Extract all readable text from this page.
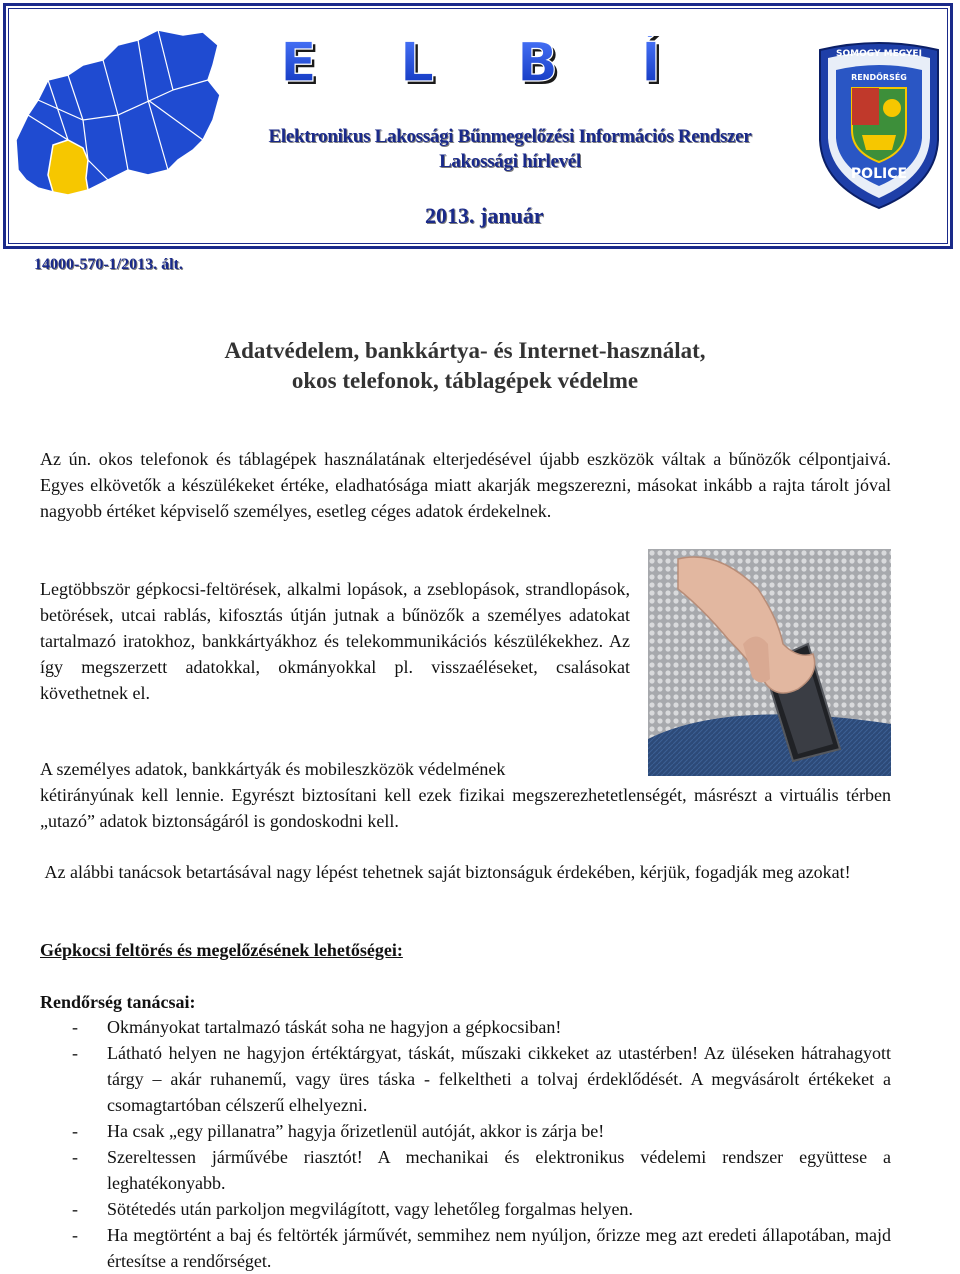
E L B Í
E L B Í
Elektronikus Lakossági Bűnmegelőzési Információs Rendszer
Lakossági hírlevél
2013. január
SOMOGY MEGYEI
RENDŐRSÉG
POLICE
14000-570-1/2013. ált.
Adatvédelem, bankkártya- és Internet-használat,
okos telefonok, táblagépek védelme
Az ún. okos telefonok és táblagépek használatának elterjedésével újabb eszközök váltak a bűnözők célpontjaivá. Egyes elkövetők a készülékeket értéke, eladhatósága miatt akarják megszerezni, másokat inkább a rajta tárolt jóval nagyobb értéket képviselő személyes, esetleg céges adatok érdekelnek.
Legtöbbször gépkocsi-feltörések, alkalmi lopások, a zseblopások, strandlopások, betörések, utcai rablás, kifosztás útján jutnak a bűnözők a személyes adatokat tartalmazó iratokhoz, bankkártyákhoz és telekommunikációs készülékekhez. Az így megszerzett adatokkal, okmányokkal pl. visszaéléseket, csalásokat követhetnek el.
A személyes adatok, bankkártyák és mobileszközök védelmének
kétirányúnak kell lennie. Egyrészt biztosítani kell ezek fizikai megszerezhetetlenségét, másrészt a virtuális térben „utazó” adatok biztonságáról is gondoskodni kell.
Az alábbi tanácsok betartásával nagy lépést tehetnek saját biztonságuk érdekében, kérjük, fogadják meg azokat!
Gépkocsi feltörés és megelőzésének lehetőségei:
Rendőrség tanácsai:
- Okmányokat tartalmazó táskát soha ne hagyjon a gépkocsiban!
- Látható helyen ne hagyjon értéktárgyat, táskát, műszaki cikkeket az utastérben! Az üléseken hátrahagyott tárgy – akár ruhanemű, vagy üres táska - felkeltheti a tolvaj érdeklődését. A megvásárolt értékeket a csomagtartóban célszerű elhelyezni.
- Ha csak „egy pillanatra” hagyja őrizetlenül autóját, akkor is zárja be!
- Szereltessen járművébe riasztót! A mechanikai és elektronikus védelemi rendszer együttese a leghatékonyabb.
- Sötétedés után parkoljon megvilágított, vagy lehetőleg forgalmas helyen.
- Ha megtörtént a baj és feltörték járművét, semmihez nem nyúljon, őrizze meg azt eredeti állapotában, majd értesítse a rendőrséget.
